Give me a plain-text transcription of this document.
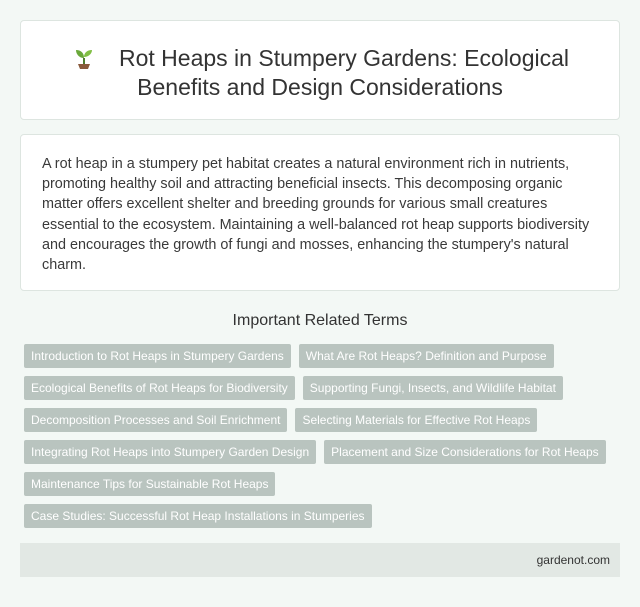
Rot Heaps in Stumpery Gardens: Ecological
Benefits and Design Considerations

A rot heap in a stumpery pet habitat creates a natural environment rich in nutrients, promoting healthy soil and attracting beneficial insects. This decomposing organic matter offers excellent shelter and breeding grounds for various small creatures essential to the ecosystem. Maintaining a well-balanced rot heap supports biodiversity and encourages the growth of fungi and mosses, enhancing the stumpery's natural charm.

Important Related Terms
Introduction to Rot Heaps in Stumpery Gardens	What Are Rot Heaps? Definition and Purpose
Ecological Benefits of Rot Heaps for Biodiversity	Supporting Fungi, Insects, and Wildlife Habitat
Decomposition Processes and Soil Enrichment	Selecting Materials for Effective Rot Heaps
Integrating Rot Heaps into Stumpery Garden Design	Placement and Size Considerations for Rot Heaps
Maintenance Tips for Sustainable Rot Heaps
Case Studies: Successful Rot Heap Installations in Stumperies
gardenot.com
